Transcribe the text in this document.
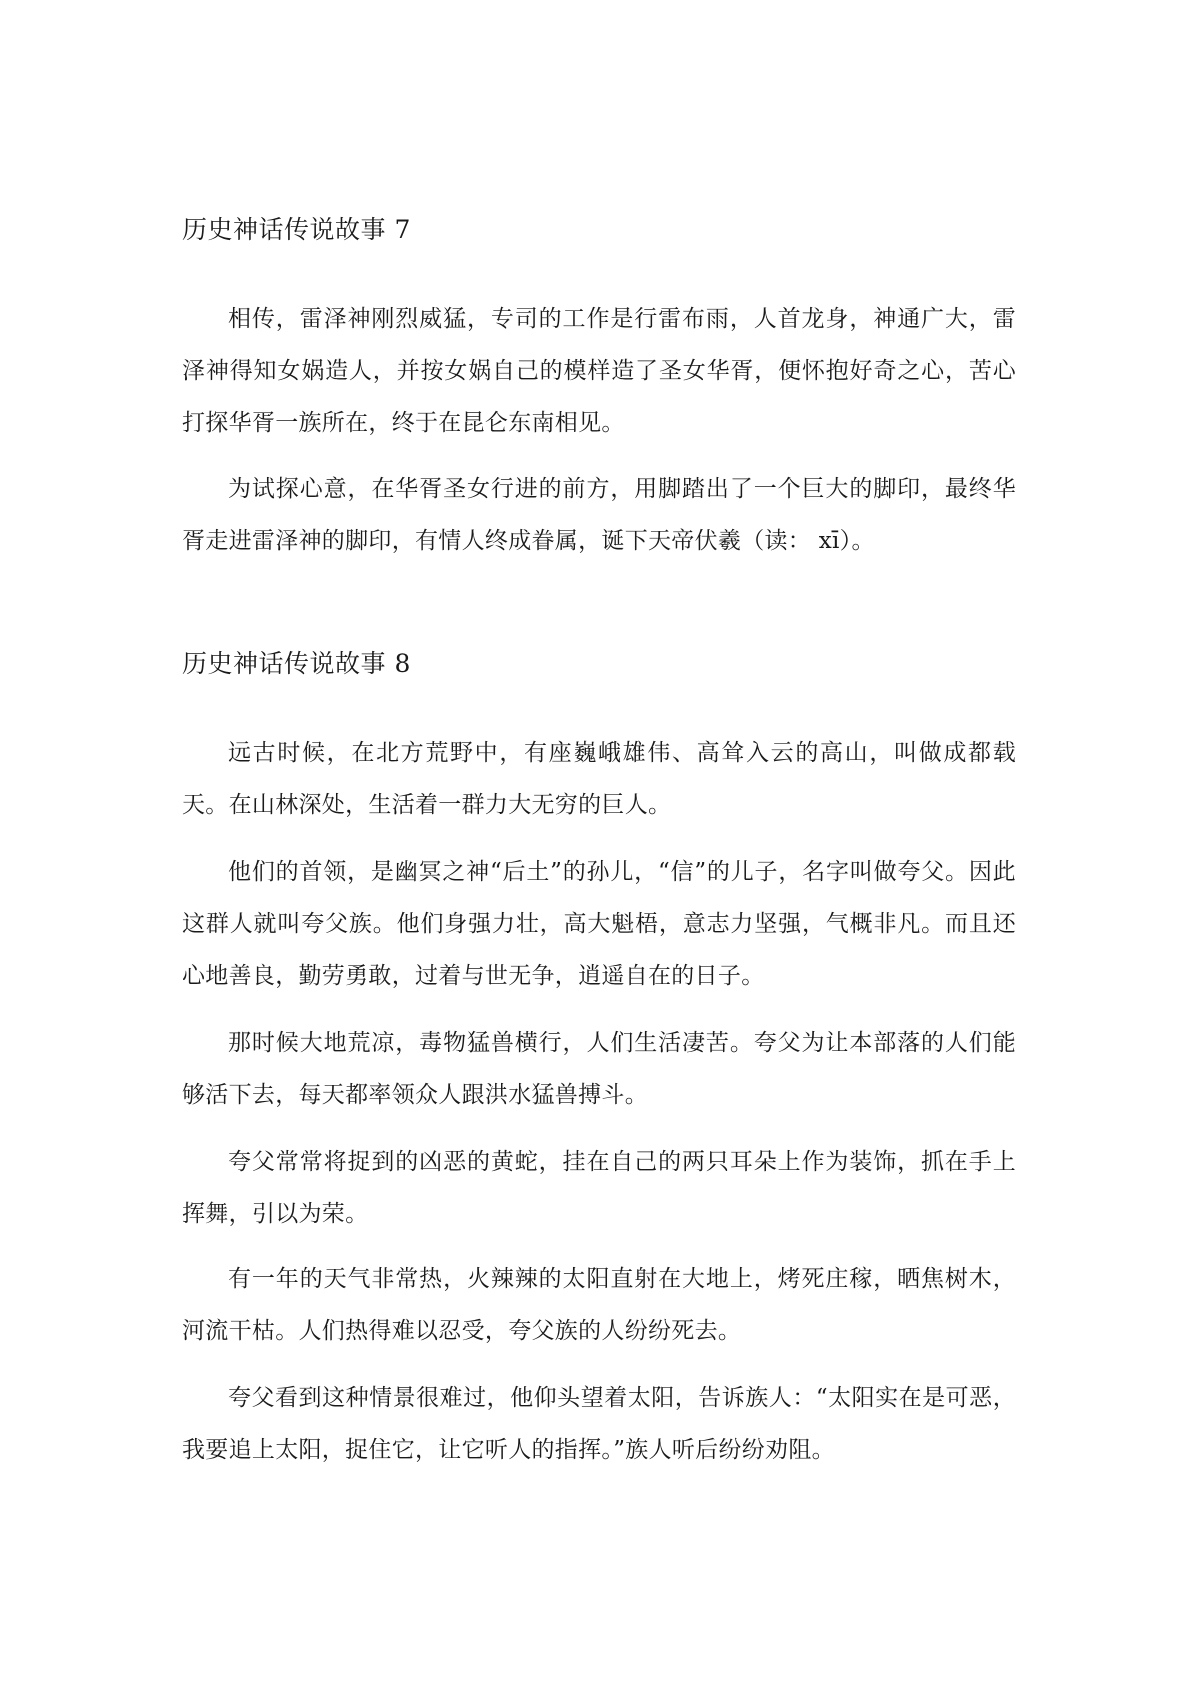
历史神话传说故事 7

相传，雷泽神刚烈威猛，专司的工作是行雷布雨，人首龙身，神通广大，雷泽神得知女娲造人，并按女娲自己的模样造了圣女华胥，便怀抱好奇之心，苦心打探华胥一族所在，终于在昆仑东南相见。

为试探心意，在华胥圣女行进的前方，用脚踏出了一个巨大的脚印，最终华胥走进雷泽神的脚印，有情人终成眷属，诞下天帝伏羲（读： xī）。

历史神话传说故事 8

远古时候，在北方荒野中，有座巍峨雄伟、高耸入云的高山，叫做成都载天。在山林深处，生活着一群力大无穷的巨人。

他们的首领，是幽冥之神“后土”的孙儿，“信”的儿子，名字叫做夸父。因此这群人就叫夸父族。他们身强力壮，高大魁梧，意志力坚强，气概非凡。而且还心地善良，勤劳勇敢，过着与世无争，逍遥自在的日子。

那时候大地荒凉，毒物猛兽横行，人们生活凄苦。夸父为让本部落的人们能够活下去，每天都率领众人跟洪水猛兽搏斗。

夸父常常将捉到的凶恶的黄蛇，挂在自己的两只耳朵上作为装饰，抓在手上挥舞，引以为荣。

有一年的天气非常热，火辣辣的太阳直射在大地上，烤死庄稼，晒焦树木，河流干枯。人们热得难以忍受，夸父族的人纷纷死去。

夸父看到这种情景很难过，他仰头望着太阳，告诉族人：“太阳实在是可恶，我要追上太阳，捉住它，让它听人的指挥。”族人听后纷纷劝阻。
